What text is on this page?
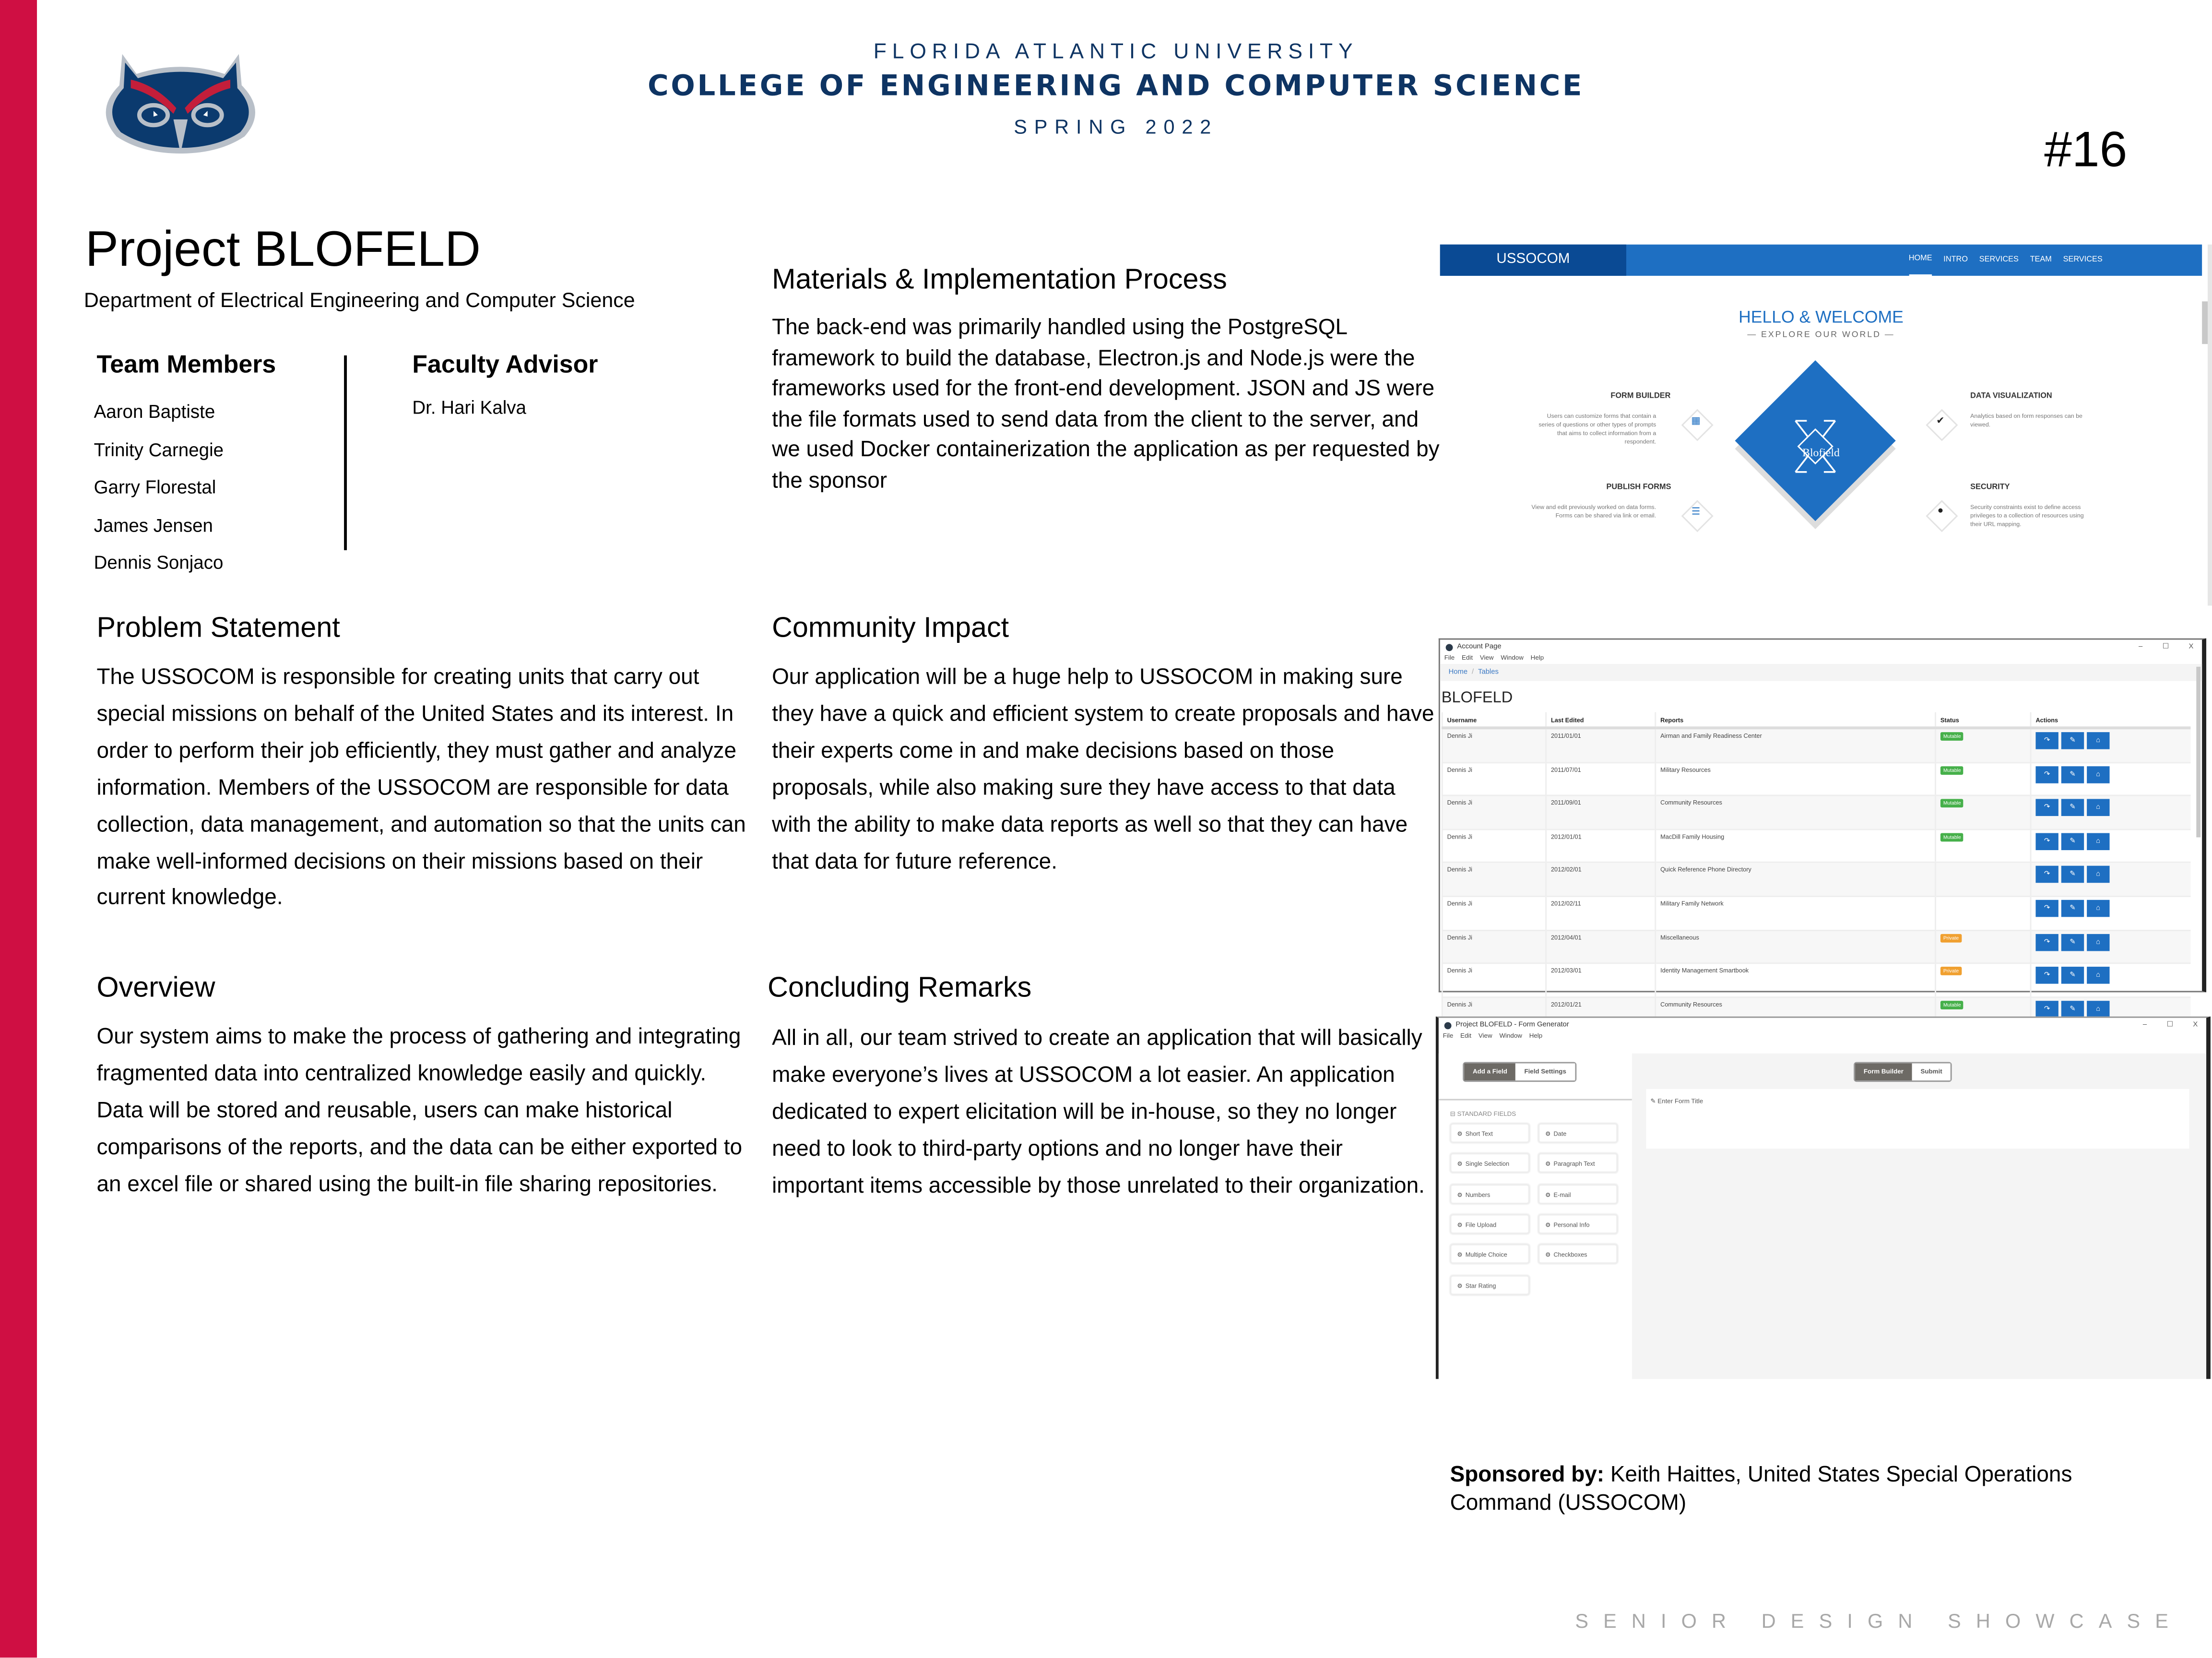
FLORIDA ATLANTIC UNIVERSITY
COLLEGE OF ENGINEERING AND COMPUTER SCIENCE
SPRING 2022	#16
Project BLOFELD
Department of Electrical Engineering and Computer Science
Team Members
Aaron Baptiste
Trinity Carnegie
Garry Florestal
James Jensen
Dennis Sonjaco
Faculty Advisor
Dr. Hari Kalva
Materials & Implementation Process
The back-end was primarily handled using the PostgreSQL framework to build the database, Electron.js and Node.js were the frameworks used for the front-end development. JSON and JS were the file formats used to send data from the client to the server, and we used Docker containerization the application as per requested by the sponsor
Problem Statement
The USSOCOM is responsible for creating units that carry out special missions on behalf of the United States and its interest. In order to perform their job efficiently, they must gather and analyze information. Members of the USSOCOM are responsible for data collection, data management, and automation so that the units can make well-informed decisions on their missions based on their current knowledge.
Community Impact
Our application will be a huge help to USSOCOM in making sure they have a quick and efficient system to create proposals and have their experts come in and make decisions based on those proposals, while also making sure they have access to that data with the ability to make data reports as well so that they can have that data for future reference.
Overview
Our system aims to make the process of gathering and integrating fragmented data into centralized knowledge easily and quickly. Data will be stored and reusable, users can make historical comparisons of the reports, and the data can be either exported to an excel file or shared using the built-in file sharing repositories.
Concluding Remarks
All in all, our team strived to create an application that will basically make everyone’s lives at USSOCOM a lot easier. An application dedicated to expert elicitation will be in-house, so they no longer need to look to third-party options and no longer have their important items accessible by those unrelated to their organization.
USSOCOM	HOME	INTRO	SERVICES	TEAM	SERVICES
HELLO & WELCOME
— EXPLORE OUR WORLD —
Blofield
FORM BUILDER
Users can customize forms that contain a series of questions or other types of prompts that aims to collect information from a respondent.
▦
PUBLISH FORMS
View and edit previously worked on data forms. Forms can be shared via link or email.	☰
DATA VISUALIZATION
Analytics based on form responses can be viewed.
✔
SECURITY
Security constraints exist to define access privileges to a collection of resources using their URL mapping.
●
Account Page	–	☐	X
File	Edit	View	Window	Help
Home / Tables
BLOFELD
Username	Last Edited	Reports	Status	Actions
Dennis Ji	2011/01/01	Airman and Family Readiness Center	Mutable	↷ ✎ ⌂
Dennis Ji	2011/07/01	Military Resources	Mutable	↷ ✎ ⌂
Dennis Ji	2011/09/01	Community Resources	Mutable	↷ ✎ ⌂
Dennis Ji	2012/01/01	MacDill Family Housing	Mutable	↷ ✎ ⌂
Dennis Ji	2012/02/01	Quick Reference Phone Directory		↷ ✎ ⌂
Dennis Ji	2012/02/11	Military Family Network		↷ ✎ ⌂
Dennis Ji	2012/04/01	Miscellaneous	Private	↷ ✎ ⌂
Dennis Ji	2012/03/01	Identity Management Smartbook	Private	↷ ✎ ⌂
Dennis Ji	2012/01/21	Community Resources	Mutable	↷ ✎ ⌂
Project BLOFELD - Form Generator	–	☐	X
File	Edit	View	Window	Help
Add a Field	Field Settings
⊟ STANDARD FIELDS
⚙ Short Text	⚙ Date
⚙ Single Selection	⚙ Paragraph Text
⚙ Numbers	⚙ E-mail
⚙ File Upload	⚙ Personal Info
⚙ Multiple Choice	⚙ Checkboxes
⚙ Star Rating
Form Builder	Submit
✎ Enter Form Title
Sponsored by: Keith Haittes, United States Special Operations Command (USSOCOM)
SENIOR DESIGN SHOWCASE
